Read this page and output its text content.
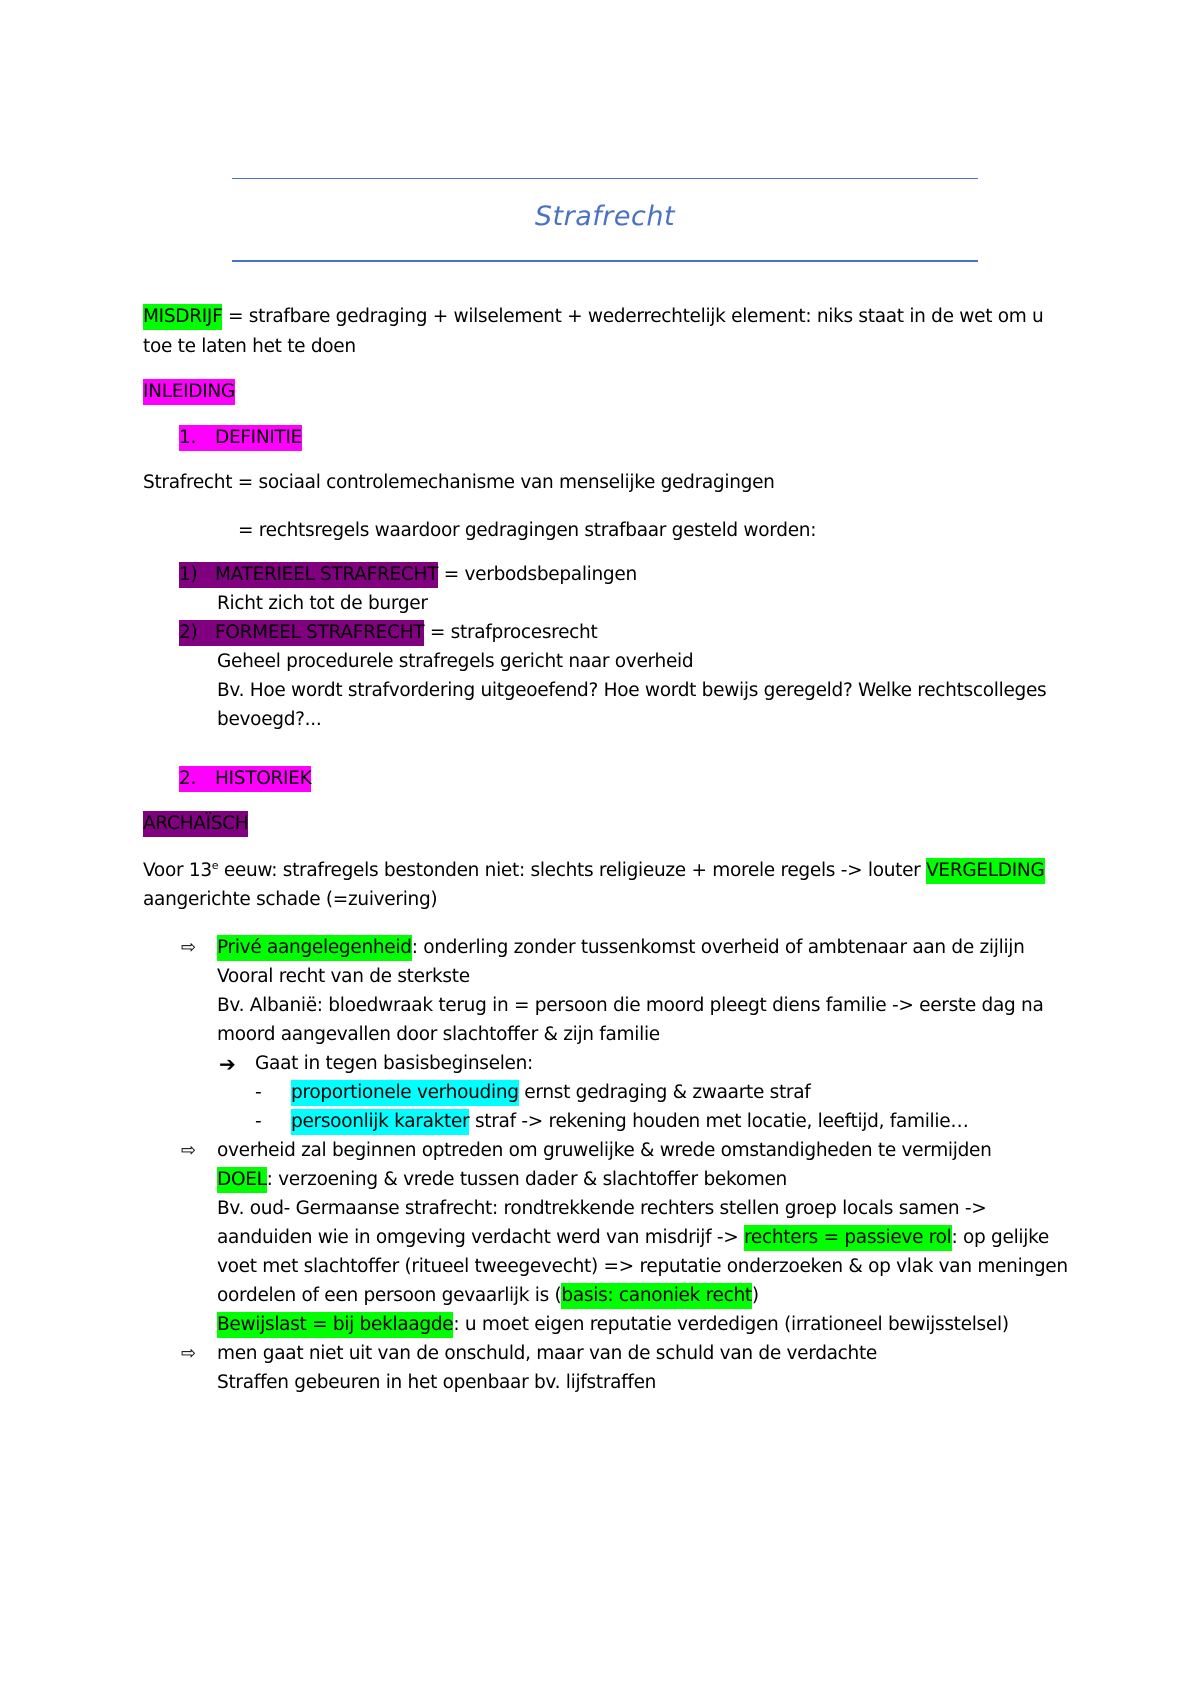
Strafrecht
MISDRIJF = strafbare gedraging + wilselement + wederrechtelijk element: niks staat in de wet om u
toe te laten het te doen
INLEIDING
1. DEFINITIE
Strafrecht = sociaal controlemechanisme van menselijke gedragingen
= rechtsregels waardoor gedragingen strafbaar gesteld worden:
1) MATERIEEL STRAFRECHT = verbodsbepalingen
Richt zich tot de burger
2) FORMEEL STRAFRECHT = strafprocesrecht
Geheel procedurele strafregels gericht naar overheid
Bv. Hoe wordt strafvordering uitgeoefend? Hoe wordt bewijs geregeld? Welke rechtscolleges
bevoegd?...
2. HISTORIEK
ARCHAÏSCH
Voor 13e eeuw: strafregels bestonden niet: slechts religieuze + morele regels -> louter VERGELDING
aangerichte schade (=zuivering)
⇨ Privé aangelegenheid: onderling zonder tussenkomst overheid of ambtenaar aan de zijlijn
Vooral recht van de sterkste
Bv. Albanië: bloedwraak terug in = persoon die moord pleegt diens familie -> eerste dag na
moord aangevallen door slachtoffer & zijn familie
➔ Gaat in tegen basisbeginselen:
- proportionele verhouding ernst gedraging & zwaarte straf
- persoonlijk karakter straf -> rekening houden met locatie, leeftijd, familie…
⇨ overheid zal beginnen optreden om gruwelijke & wrede omstandigheden te vermijden
DOEL: verzoening & vrede tussen dader & slachtoffer bekomen
Bv. oud- Germaanse strafrecht: rondtrekkende rechters stellen groep locals samen ->
aanduiden wie in omgeving verdacht werd van misdrijf -> rechters = passieve rol: op gelijke
voet met slachtoffer (ritueel tweegevecht) => reputatie onderzoeken & op vlak van meningen
oordelen of een persoon gevaarlijk is (basis: canoniek recht)
Bewijslast = bij beklaagde: u moet eigen reputatie verdedigen (irrationeel bewijsstelsel)
⇨ men gaat niet uit van de onschuld, maar van de schuld van de verdachte
Straffen gebeuren in het openbaar bv. lijfstraffen
